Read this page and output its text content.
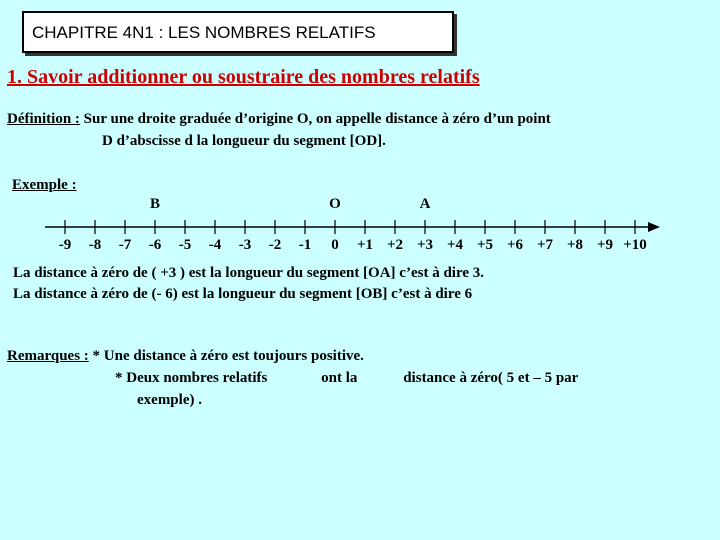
CHAPITRE 4N1 : LES NOMBRES RELATIFS
1. Savoir additionner ou soustraire des nombres relatifs
Définition : Sur une droite graduée d’origine O, on appelle distance à zéro d’un point
D d’abscisse d la longueur du segment [OD].
Exemple :
-9 -8 -7 -6 -5 -4 -3 -2 -1 0 +1 +2 +3 +4 +5 +6 +7 +8 +9 +10
B	O	A
La distance à zéro de ( +3 ) est la longueur du segment [OA] c’est à dire 3.
La distance à zéro de (- 6) est la longueur du segment [OB] c’est à dire 6
Remarques : * Une distance à zéro est toujours positive.
* Deux nombres relatifs	ont la	distance à zéro( 5 et – 5 par
exemple) .
